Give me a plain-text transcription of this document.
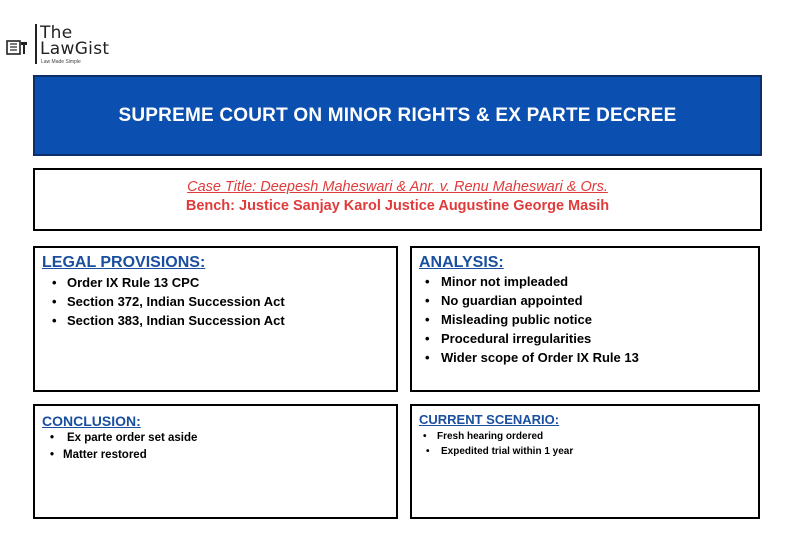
The
LawGist
Law Made Simple
SUPREME COURT ON MINOR RIGHTS & EX PARTE DECREE
Case Title: Deepesh Maheswari & Anr. v. Renu Maheswari & Ors.
Bench: Justice Sanjay Karol Justice Augustine George Masih
LEGAL PROVISIONS:
• Order IX Rule 13 CPC
• Section 372, Indian Succession Act
• Section 383, Indian Succession Act
ANALYSIS:
• Minor not impleaded
• No guardian appointed
• Misleading public notice
• Procedural irregularities
• Wider scope of Order IX Rule 13
CONCLUSION:
• Ex parte order set aside
• Matter restored
CURRENT SCENARIO:
• Fresh hearing ordered
• Expedited trial within 1 year
